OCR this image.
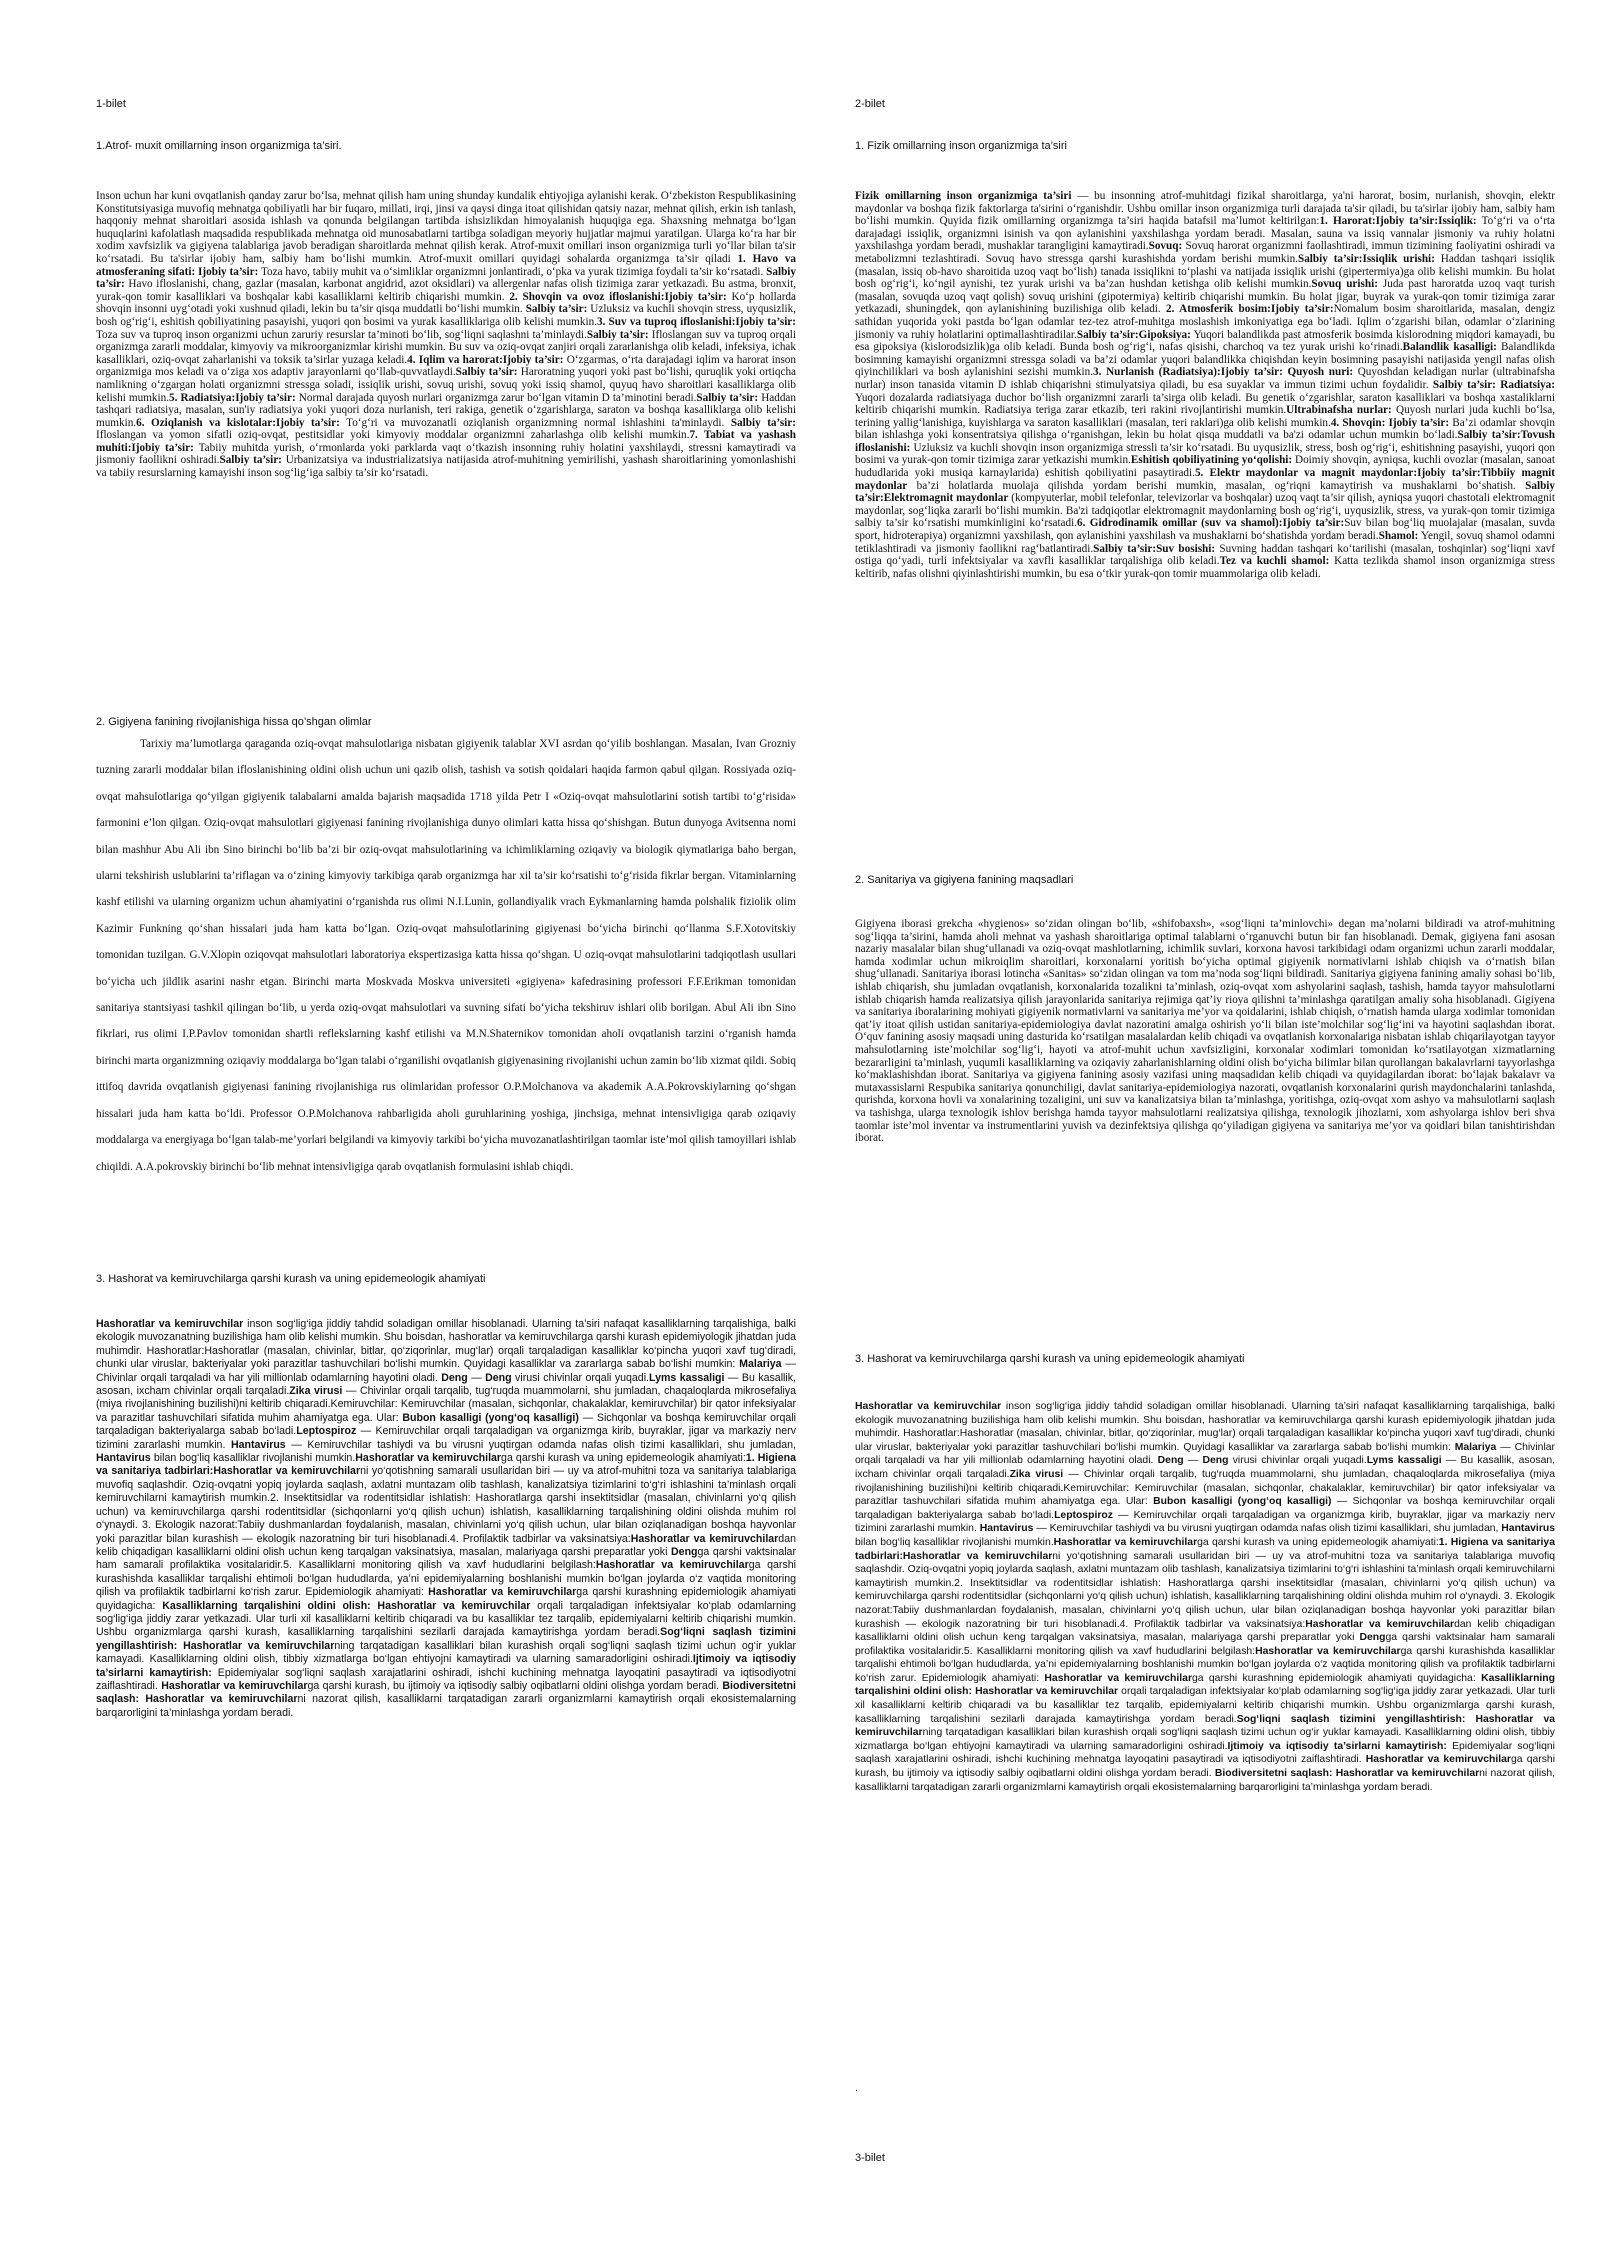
1-bilet
1.Atrof- muxit omillarning inson organizmiga ta’siri.

Inson uchun har kuni ovqatlanish qanday zarur bo‘lsa, mehnat qilish ham uning shunday kundalik ehtiyojiga aylanishi kerak. O‘zbekiston Respublikasining Konstitutsiyasiga muvofiq mehnatga qobiliyatli har bir fuqaro, millati, irqi, jinsi va qaysi dinga itoat qilishidan qatsiy nazar, mehnat qilish, erkin ish tanlash, haqqoniy mehnat sharoitlari asosida ishlash va qonunda belgilangan tartibda ishsizlikdan himoyalanish huquqiga ega. Shaxsning mehnatga bo‘lgan huquqlarini kafolatlash maqsadida respublikada mehnatga oid munosabatlarni tartibga soladigan meyoriy hujjatlar majmui yaratilgan. Ularga ko‘ra har bir xodim xavfsizlik va gigiyena talablariga javob beradigan sharoitlarda mehnat qilish kerak. Atrof-muxit omillari inson organizmiga turli yo‘llar bilan ta'sir ko‘rsatadi. Bu ta'sirlar ijobiy ham, salbiy ham bo‘lishi mumkin. Atrof-muxit omillari quyidagi sohalarda organizmga ta’sir qiladi 1. Havo va atmosferaning sifati: Ijobiy ta’sir: Toza havo, tabiiy muhit va o‘simliklar organizmni jonlantiradi, o‘pka va yurak tizimiga foydali ta’sir ko‘rsatadi. Salbiy ta’sir: Havo ifloslanishi, chang, gazlar (masalan, karbonat angidrid, azot oksidlari) va allergenlar nafas olish tizimiga zarar yetkazadi. Bu astma, bronxit, yurak-qon tomir kasalliklari va boshqalar kabi kasalliklarni keltirib chiqarishi mumkin. 2. Shovqin va ovoz ifloslanishi:Ijobiy ta’sir: Ko‘p hollarda shovqin insonni uyg‘otadi yoki xushnud qiladi, lekin bu ta’sir qisqa muddatli bo‘lishi mumkin. Salbiy ta’sir: Uzluksiz va kuchli shovqin stress, uyqusizlik, bosh og‘rig‘i, eshitish qobiliyatining pasayishi, yuqori qon bosimi va yurak kasalliklariga olib kelishi mumkin.3. Suv va tuproq ifloslanishi:Ijobiy ta’sir: Toza suv va tuproq inson organizmi uchun zaruriy resurslar ta’minoti bo‘lib, sog‘liqni saqlashni ta’minlaydi.Salbiy ta’sir: Ifloslangan suv va tuproq orqali organizmga zararli moddalar, kimyoviy va mikroorganizmlar kirishi mumkin. Bu suv va oziq-ovqat zanjiri orqali zararlanishga olib keladi, infeksiya, ichak kasalliklari, oziq-ovqat zaharlanishi va toksik ta’sirlar yuzaga keladi.4. Iqlim va harorat:Ijobiy ta’sir: O‘zgarmas, o‘rta darajadagi iqlim va harorat inson organizmiga mos keladi va o‘ziga xos adaptiv jarayonlarni qo‘llab-quvvatlaydi.Salbiy ta’sir: Haroratning yuqori yoki past bo‘lishi, quruqlik yoki ortiqcha namlikning o‘zgargan holati organizmni stressga soladi, issiqlik urishi, sovuq urishi, sovuq yoki issiq shamol, quyuq havo sharoitlari kasalliklarga olib kelishi mumkin.5. Radiatsiya:Ijobiy ta’sir: Normal darajada quyosh nurlari organizmga zarur bo‘lgan vitamin D ta’minotini beradi.Salbiy ta’sir: Haddan tashqari radiatsiya, masalan, sun'iy radiatsiya yoki yuqori doza nurlanish, teri rakiga, genetik o‘zgarishlarga, saraton va boshqa kasalliklarga olib kelishi mumkin.6. Oziqlanish va kislotalar:Ijobiy ta’sir: To‘g‘ri va muvozanatli oziqlanish organizmning normal ishlashini ta'minlaydi. Salbiy ta’sir: Ifloslangan va yomon sifatli oziq-ovqat, pestitsidlar yoki kimyoviy moddalar organizmni zaharlashga olib kelishi mumkin.7. Tabiat va yashash muhiti:Ijobiy ta’sir: Tabiiy muhitda yurish, o‘rmonlarda yoki parklarda vaqt o‘tkazish insonning ruhiy holatini yaxshilaydi, stressni kamaytiradi va jismoniy faollikni oshiradi.Salbiy ta’sir: Urbanizatsiya va industrializatsiya natijasida atrof-muhitning yemirilishi, yashash sharoitlarining yomonlashishi va tabiiy resurslarning kamayishi inson sog‘lig‘iga salbiy ta’sir ko‘rsatadi.

2. Gigiyena fanining rivojlanishiga hissa qo’shgan olimlar

Tarixiy ma’lumotlarga qaraganda oziq-ovqat mahsulotlariga nisbatan gigiyenik talablar XVI asrdan qo‘yilib boshlangan. Masalan, Ivan Grozniy tuzning zararli moddalar bilan ifloslanishining oldini olish uchun uni qazib olish, tashish va sotish qoidalari haqida farmon qabul qilgan. Rossiyada oziq-ovqat mahsulotlariga qo‘yilgan gigiyenik talabalarni amalda bajarish maqsadida 1718 yilda Petr I «Oziq-ovqat mahsulotlarini sotish tartibi to‘g‘risida» farmonini e’lon qilgan. Oziq-ovqat mahsulotlari gigiyenasi fanining rivojlanishiga dunyo olimlari katta hissa qo‘shishgan. Butun dunyoga Avitsenna nomi bilan mashhur Abu Ali ibn Sino birinchi bo‘lib ba’zi bir oziq-ovqat mahsulotlarining va ichimliklarning oziqaviy va biologik qiymatlariga baho bergan, ularni tekshirish uslublarini ta’riflagan va o‘zining kimyoviy tarkibiga qarab organizmga har xil ta’sir ko‘rsatishi to‘g‘risida fikrlar bergan. Vitaminlarning kashf etilishi va ularning organizm uchun ahamiyatini o‘rganishda rus olimi N.I.Lunin, gollandiyalik vrach Eykmanlarning hamda polshalik fiziolik olim Kazimir Funkning qo‘shan hissalari juda ham katta bo‘lgan. Oziq-ovqat mahsulotlarining gigiyenasi bo‘yicha birinchi qo‘llanma S.F.Xotovitskiy tomonidan tuzilgan. G.V.Xlopin oziqovqat mahsulotlari laboratoriya ekspertizasiga katta hissa qo‘shgan. U oziq-ovqat mahsulotlarini tadqiqotlash usullari bo‘yicha uch jildlik asarini nashr etgan. Birinchi marta Moskvada Moskva universiteti «gigiyena» kafedrasining professori F.F.Erikman tomonidan sanitariya stantsiyasi tashkil qilingan bo‘lib, u yerda oziq-ovqat mahsulotlari va suvning sifati bo‘yicha tekshiruv ishlari olib borilgan. Abul Ali ibn Sino fikrlari, rus olimi I.P.Pavlov tomonidan shartli reflekslarning kashf etilishi va M.N.Shaternikov tomonidan aholi ovqatlanish tarzini o‘rganish hamda birinchi marta organizmning oziqaviy moddalarga bo‘lgan talabi o‘rganilishi ovqatlanish gigiyenasining rivojlanishi uchun zamin bo‘lib xizmat qildi. Sobiq ittifoq davrida ovqatlanish gigiyenasi fanining rivojlanishiga rus olimlaridan professor O.P.Molchanova va akademik A.A.Pokrovskiylarning qo‘shgan hissalari juda ham katta bo‘ldi. Professor O.P.Molchanova rahbarligida aholi guruhlarining yoshiga, jinchsiga, mehnat intensivligiga qarab oziqaviy moddalarga va energiyaga bo‘lgan talab-me’yorlari belgilandi va kimyoviy tarkibi bo‘yicha muvozanatlashtirilgan taomlar iste’mol qilish tamoyillari ishlab chiqildi. A.A.pokrovskiy birinchi bo‘lib mehnat intensivligiga qarab ovqatlanish formulasini ishlab chiqdi.

3. Hashorat va kemiruvchilarga qarshi kurash va uning epidemeologik ahamiyati

Hashoratlar va kemiruvchilar inson sog‘lig‘iga jiddiy tahdid soladigan omillar hisoblanadi. Ularning ta’siri nafaqat kasalliklarning tarqalishiga, balki ekologik muvozanatning buzilishiga ham olib kelishi mumkin. Shu boisdan, hashoratlar va kemiruvchilarga qarshi kurash epidemiyologik jihatdan juda muhimdir. Hashoratlar:Hashoratlar (masalan, chivinlar, bitlar, qo‘ziqorinlar, mug‘lar) orqali tarqaladigan kasalliklar ko‘pincha yuqori xavf tug‘diradi, chunki ular viruslar, bakteriyalar yoki parazitlar tashuvchilari bo‘lishi mumkin. Quyidagi kasalliklar va zararlarga sabab bo‘lishi mumkin: Malariya — Chivinlar orqali tarqaladi va har yili millionlab odamlarning hayotini oladi. Deng — Deng virusi chivinlar orqali yuqadi.Lyms kassaligi — Bu kasallik, asosan, ixcham chivinlar orqali tarqaladi.Zika virusi — Chivinlar orqali tarqalib, tug‘ruqda muammolarni, shu jumladan, chaqaloqlarda mikrosefaliya (miya rivojlanishining buzilishi)ni keltirib chiqaradi.Kemiruvchilar: Kemiruvchilar (masalan, sichqonlar, chakalaklar, kemiruvchilar) bir qator infeksiyalar va parazitlar tashuvchilari sifatida muhim ahamiyatga ega. Ular: Bubon kasalligi (yong‘oq kasalligi) — Sichqonlar va boshqa kemiruvchilar orqali tarqaladigan bakteriyalarga sabab bo‘ladi.Leptospiroz — Kemiruvchilar orqali tarqaladigan va organizmga kirib, buyraklar, jigar va markaziy nerv tizimini zararlashi mumkin. Hantavirus — Kemiruvchilar tashiydi va bu virusni yuqtirgan odamda nafas olish tizimi kasalliklari, shu jumladan, Hantavirus bilan bog‘liq kasalliklar rivojlanishi mumkin.Hashoratlar va kemiruvchilarga qarshi kurash va uning epidemeologik ahamiyati:1. Higiena va sanitariya tadbirlari:Hashoratlar va kemiruvchilarni yo‘qotishning samarali usullaridan biri — uy va atrof-muhitni toza va sanitariya talablariga muvofiq saqlashdir. Oziq-ovqatni yopiq joylarda saqlash, axlatni muntazam olib tashlash, kanalizatsiya tizimlarini to‘g‘ri ishlashini ta’minlash orqali kemiruvchilarni kamaytirish mumkin.2. Insektitsidlar va rodentitsidlar ishlatish: Hashoratlarga qarshi insektitsidlar (masalan, chivinlarni yo‘q qilish uchun) va kemiruvchilarga qarshi rodentitsidlar (sichqonlarni yo‘q qilish uchun) ishlatish, kasalliklarning tarqalishining oldini olishda muhim rol o‘ynaydi. 3. Ekologik nazorat:Tabiiy dushmanlardan foydalanish, masalan, chivinlarni yo‘q qilish uchun, ular bilan oziqlanadigan boshqa hayvonlar yoki parazitlar bilan kurashish — ekologik nazoratning bir turi hisoblanadi.4. Profilaktik tadbirlar va vaksinatsiya:Hashoratlar va kemiruvchilardan kelib chiqadigan kasalliklarni oldini olish uchun keng tarqalgan vaksinatsiya, masalan, malariyaga qarshi preparatlar yoki Dengga qarshi vaktsinalar ham samarali profilaktika vositalaridir.5. Kasalliklarni monitoring qilish va xavf hududlarini belgilash:Hashoratlar va kemiruvchilarga qarshi kurashishda kasalliklar tarqalishi ehtimoli bo‘lgan hududlarda, ya’ni epidemiyalarning boshlanishi mumkin bo‘lgan joylarda o‘z vaqtida monitoring qilish va profilaktik tadbirlarni ko‘rish zarur. Epidemiologik ahamiyati: Hashoratlar va kemiruvchilarga qarshi kurashning epidemiologik ahamiyati quyidagicha: Kasalliklarning tarqalishini oldini olish: Hashoratlar va kemiruvchilar orqali tarqaladigan infektsiyalar ko‘plab odamlarning sog‘lig‘iga jiddiy zarar yetkazadi. Ular turli xil kasalliklarni keltirib chiqaradi va bu kasalliklar tez tarqalib, epidemiyalarni keltirib chiqarishi mumkin. Ushbu organizmlarga qarshi kurash, kasalliklarning tarqalishini sezilarli darajada kamaytirishga yordam beradi.Sog‘liqni saqlash tizimini yengillashtirish: Hashoratlar va kemiruvchilarning tarqatadigan kasalliklari bilan kurashish orqali sog‘liqni saqlash tizimi uchun og‘ir yuklar kamayadi. Kasalliklarning oldini olish, tibbiy xizmatlarga bo‘lgan ehtiyojni kamaytiradi va ularning samaradorligini oshiradi.Ijtimoiy va iqtisodiy ta’sirlarni kamaytirish: Epidemiyalar sog‘liqni saqlash xarajatlarini oshiradi, ishchi kuchining mehnatga layoqatini pasaytiradi va iqtisodiyotni zaiflashtiradi. Hashoratlar va kemiruvchilarga qarshi kurash, bu ijtimoiy va iqtisodiy salbiy oqibatlarni oldini olishga yordam beradi. Biodiversitetni saqlash: Hashoratlar va kemiruvchilarni nazorat qilish, kasalliklarni tarqatadigan zararli organizmlarni kamaytirish orqali ekosistemalarning barqarorligini ta’minlashga yordam beradi.

2-bilet
1. Fizik omillarning inson organizmiga ta’siri

Fizik omillarning inson organizmiga ta’siri — bu insonning atrof-muhitdagi fizikal sharoitlarga, ya'ni harorat, bosim, nurlanish, shovqin, elektr maydonlar va boshqa fizik faktorlarga ta'sirini o‘rganishdir. Ushbu omillar inson organizmiga turli darajada ta'sir qiladi, bu ta'sirlar ijobiy ham, salbiy ham bo‘lishi mumkin. Quyida fizik omillarning organizmga ta’siri haqida batafsil ma’lumot keltirilgan:1. Harorat:Ijobiy ta’sir:Issiqlik: To‘g‘ri va o‘rta darajadagi issiqlik, organizmni isinish va qon aylanishini yaxshilashga yordam beradi. Masalan, sauna va issiq vannalar jismoniy va ruhiy holatni yaxshilashga yordam beradi, mushaklar tarangligini kamaytiradi.Sovuq: Sovuq harorat organizmni faollashtiradi, immun tizimining faoliyatini oshiradi va metabolizmni tezlashtiradi. Sovuq havo stressga qarshi kurashishda yordam berishi mumkin.Salbiy ta’sir:Issiqlik urishi: Haddan tashqari issiqlik (masalan, issiq ob-havo sharoitida uzoq vaqt bo‘lish) tanada issiqlikni to‘plashi va natijada issiqlik urishi (gipertermiya)ga olib kelishi mumkin. Bu holat bosh og‘rig‘i, ko‘ngil aynishi, tez yurak urishi va ba’zan hushdan ketishga olib kelishi mumkin.Sovuq urishi: Juda past haroratda uzoq vaqt turish (masalan, sovuqda uzoq vaqt qolish) sovuq urishini (gipotermiya) keltirib chiqarishi mumkin. Bu holat jigar, buyrak va yurak-qon tomir tizimiga zarar yetkazadi, shuningdek, qon aylanishining buzilishiga olib keladi. 2. Atmosferik bosim:Ijobiy ta’sir:Nomalum bosim sharoitlarida, masalan, dengiz sathidan yuqorida yoki pastda bo‘lgan odamlar tez-tez atrof-muhitga moslashish imkoniyatiga ega bo‘ladi. Iqlim o‘zgarishi bilan, odamlar o‘zlarining jismoniy va ruhiy holatlarini optimallashtiradilar.Salbiy ta’sir:Gipoksiya: Yuqori balandlikda past atmosferik bosimda kislorodning miqdori kamayadi, bu esa gipoksiya (kislorodsizlik)ga olib keladi. Bunda bosh og‘rig‘i, nafas qisishi, charchoq va tez yurak urishi ko‘rinadi.Balandlik kasalligi: Balandlikda bosimning kamayishi organizmni stressga soladi va ba’zi odamlar yuqori balandlikka chiqishdan keyin bosimning pasayishi natijasida yengil nafas olish qiyinchiliklari va bosh aylanishini sezishi mumkin.3. Nurlanish (Radiatsiya):Ijobiy ta’sir: Quyosh nuri: Quyoshdan keladigan nurlar (ultrabinafsha nurlar) inson tanasida vitamin D ishlab chiqarishni stimulyatsiya qiladi, bu esa suyaklar va immun tizimi uchun foydalidir. Salbiy ta’sir: Radiatsiya: Yuqori dozalarda radiatsiyaga duchor bo‘lish organizmni zararli ta’sirga olib keladi. Bu genetik o‘zgarishlar, saraton kasalliklari va boshqa xastaliklarni keltirib chiqarishi mumkin. Radiatsiya teriga zarar etkazib, teri rakini rivojlantirishi mumkin.Ultrabinafsha nurlar: Quyosh nurlari juda kuchli bo‘lsa, terining yallig‘lanishiga, kuyishlarga va saraton kasalliklari (masalan, teri raklari)ga olib kelishi mumkin.4. Shovqin: Ijobiy ta’sir: Ba’zi odamlar shovqin bilan ishlashga yoki konsentratsiya qilishga o‘rganishgan, lekin bu holat qisqa muddatli va ba'zi odamlar uchun mumkin bo‘ladi.Salbiy ta’sir:Tovush ifloslanishi: Uzluksiz va kuchli shovqin inson organizmiga stressli ta’sir ko‘rsatadi. Bu uyqusizlik, stress, bosh og‘rig‘i, eshitishning pasayishi, yuqori qon bosimi va yurak-qon tomir tizimiga zarar yetkazishi mumkin.Eshitish qobiliyatining yo‘qolishi: Doimiy shovqin, ayniqsa, kuchli ovozlar (masalan, sanoat hududlarida yoki musiqa karnaylarida) eshitish qobiliyatini pasaytiradi.5. Elektr maydonlar va magnit maydonlar:Ijobiy ta’sir:Tibbiiy magnit maydonlar ba’zi holatlarda muolaja qilishda yordam berishi mumkin, masalan, og‘riqni kamaytirish va mushaklarni bo‘shatish. Salbiy ta’sir:Elektromagnit maydonlar (kompyuterlar, mobil telefonlar, televizorlar va boshqalar) uzoq vaqt ta’sir qilish, ayniqsa yuqori chastotali elektromagnit maydonlar, sog‘liqka zararli bo‘lishi mumkin. Ba'zi tadqiqotlar elektromagnit maydonlarning bosh og‘rig‘i, uyqusizlik, stress, va yurak-qon tomir tizimiga salbiy ta’sir ko‘rsatishi mumkinligini ko‘rsatadi.6. Gidrodinamik omillar (suv va shamol):Ijobiy ta’sir:Suv bilan bog‘liq muolajalar (masalan, suvda sport, hidroterapiya) organizmni yaxshilash, qon aylanishini yaxshilash va mushaklarni bo‘shatishda yordam beradi.Shamol: Yengil, sovuq shamol odamni tetiklashtiradi va jismoniy faollikni rag‘batlantiradi.Salbiy ta’sir:Suv bosishi: Suvning haddan tashqari ko‘tarilishi (masalan, toshqinlar) sog‘liqni xavf ostiga qo‘yadi, turli infektsiyalar va xavfli kasalliklar tarqalishiga olib keladi.Tez va kuchli shamol: Katta tezlikda shamol inson organizmiga stress keltirib, nafas olishni qiyinlashtirishi mumkin, bu esa o‘tkir yurak-qon tomir muammolariga olib keladi.

2. Sanitariya va gigiyena fanining maqsadlari

Gigiyena iborasi grekcha «hygienos» so‘zidan olingan bo‘lib, «shifobaxsh», «sog‘liqni ta’minlovchi» degan ma’nolarni bildiradi va atrof-muhitning sog‘liqqa ta’sirini, hamda aholi mehnat va yashash sharoitlariga optimal talablarni o‘rganuvchi butun bir fan hisoblanadi. Demak, gigiyena fani asosan nazariy masalalar bilan shug‘ullanadi va oziq-ovqat mashlotlarning, ichimlik suvlari, korxona havosi tarkibidagi odam organizmi uchun zararli moddalar, hamda xodimlar uchun mikroiqlim sharoitlari, korxonalarni yoritish bo‘yicha optimal gigiyenik normativlarni ishlab chiqish va o‘rnatish bilan shug‘ullanadi. Sanitariya iborasi lotincha «Sanitas» so‘zidan olingan va tom ma’noda sog‘liqni bildiradi. Sanitariya gigiyena fanining amaliy sohasi bo‘lib, ishlab chiqarish, shu jumladan ovqatlanish, korxonalarida tozalikni ta’minlash, oziq-ovqat xom ashyolarini saqlash, tashish, hamda tayyor mahsulotlarni ishlab chiqarish hamda realizatsiya qilish jarayonlarida sanitariya rejimiga qat’iy rioya qilishni ta’minlashga qaratilgan amaliy soha hisoblanadi. Gigiyena va sanitariya iboralarining mohiyati gigiyenik normativlarni va sanitariya me’yor va qoidalarini, ishlab chiqish, o‘rnatish hamda ularga xodimlar tomonidan qat’iy itoat qilish ustidan sanitariya-epidemiologiya davlat nazoratini amalga oshirish yo‘li bilan iste’molchilar sog‘lig‘ini va hayotini saqlashdan iborat. O‘quv fanining asosiy maqsadi uning dasturida ko‘rsatilgan masalalardan kelib chiqadi va ovqatlanish korxonalariga nisbatan ishlab chiqarilayotgan tayyor mahsulotlarning iste’molchilar sog‘lig‘i, hayoti va atrof-muhit uchun xavfsizligini, korxonalar xodimlari tomonidan ko‘rsatilayotgan xizmatlarning bezararligini ta’minlash, yuqumli kasalliklarning va oziqaviy zaharlanishlarning oldini olish bo‘yicha bilimlar bilan qurollangan bakalavrlarni tayyorlashga ko‘maklashishdan iborat. Sanitariya va gigiyena fanining asosiy vazifasi uning maqsadidan kelib chiqadi va quyidagilardan iborat: bo‘lajak bakalavr va mutaxassislarni Respubika sanitariya qonunchiligi, davlat sanitariya-epidemiologiya nazorati, ovqatlanish korxonalarini qurish maydonchalarini tanlashda, qurishda, korxona hovli va xonalarining tozaligini, uni suv va kanalizatsiya bilan ta’minlashga, yoritishga, oziq-ovqat xom ashyo va mahsulotlarni saqlash va tashishga, ularga texnologik ishlov berishga hamda tayyor mahsulotlarni realizatsiya qilishga, texnologik jihozlarni, xom ashyolarga ishlov beri shva taomlar iste’mol inventar va instrumentlarini yuvish va dezinfektsiya qilishga qo‘yiladigan gigiyena va sanitariya me’yor va qoidlari bilan tanishtirishdan iborat.

3. Hashorat va kemiruvchilarga qarshi kurash va uning epidemeologik ahamiyati

Hashoratlar va kemiruvchilar inson sog‘lig‘iga jiddiy tahdid soladigan omillar hisoblanadi. Ularning ta’siri nafaqat kasalliklarning tarqalishiga, balki ekologik muvozanatning buzilishiga ham olib kelishi mumkin. Shu boisdan, hashoratlar va kemiruvchilarga qarshi kurash epidemiyologik jihatdan juda muhimdir. Hashoratlar:Hashoratlar (masalan, chivinlar, bitlar, qo‘ziqorinlar, mug‘lar) orqali tarqaladigan kasalliklar ko‘pincha yuqori xavf tug‘diradi, chunki ular viruslar, bakteriyalar yoki parazitlar tashuvchilari bo‘lishi mumkin. Quyidagi kasalliklar va zararlarga sabab bo‘lishi mumkin: Malariya — Chivinlar orqali tarqaladi va har yili millionlab odamlarning hayotini oladi. Deng — Deng virusi chivinlar orqali yuqadi.Lyms kassaligi — Bu kasallik, asosan, ixcham chivinlar orqali tarqaladi.Zika virusi — Chivinlar orqali tarqalib, tug‘ruqda muammolarni, shu jumladan, chaqaloqlarda mikrosefaliya (miya rivojlanishining buzilishi)ni keltirib chiqaradi.Kemiruvchilar: Kemiruvchilar (masalan, sichqonlar, chakalaklar, kemiruvchilar) bir qator infeksiyalar va parazitlar tashuvchilari sifatida muhim ahamiyatga ega. Ular: Bubon kasalligi (yong‘oq kasalligi) — Sichqonlar va boshqa kemiruvchilar orqali tarqaladigan bakteriyalarga sabab bo‘ladi.Leptospiroz — Kemiruvchilar orqali tarqaladigan va organizmga kirib, buyraklar, jigar va markaziy nerv tizimini zararlashi mumkin. Hantavirus — Kemiruvchilar tashiydi va bu virusni yuqtirgan odamda nafas olish tizimi kasalliklari, shu jumladan, Hantavirus bilan bog‘liq kasalliklar rivojlanishi mumkin.Hashoratlar va kemiruvchilarga qarshi kurash va uning epidemeologik ahamiyati:1. Higiena va sanitariya tadbirlari:Hashoratlar va kemiruvchilarni yo‘qotishning samarali usullaridan biri — uy va atrof-muhitni toza va sanitariya talablariga muvofiq saqlashdir. Oziq-ovqatni yopiq joylarda saqlash, axlatni muntazam olib tashlash, kanalizatsiya tizimlarini to‘g‘ri ishlashini ta’minlash orqali kemiruvchilarni kamaytirish mumkin.2. Insektitsidlar va rodentitsidlar ishlatish: Hashoratlarga qarshi insektitsidlar (masalan, chivinlarni yo‘q qilish uchun) va kemiruvchilarga qarshi rodentitsidlar (sichqonlarni yo‘q qilish uchun) ishlatish, kasalliklarning tarqalishining oldini olishda muhim rol o‘ynaydi. 3. Ekologik nazorat:Tabiiy dushmanlardan foydalanish, masalan, chivinlarni yo‘q qilish uchun, ular bilan oziqlanadigan boshqa hayvonlar yoki parazitlar bilan kurashish — ekologik nazoratning bir turi hisoblanadi.4. Profilaktik tadbirlar va vaksinatsiya:Hashoratlar va kemiruvchilardan kelib chiqadigan kasalliklarni oldini olish uchun keng tarqalgan vaksinatsiya, masalan, malariyaga qarshi preparatlar yoki Dengga qarshi vaktsinalar ham samarali profilaktika vositalaridir.5. Kasalliklarni monitoring qilish va xavf hududlarini belgilash:Hashoratlar va kemiruvchilarga qarshi kurashishda kasalliklar tarqalishi ehtimoli bo‘lgan hududlarda, ya’ni epidemiyalarning boshlanishi mumkin bo‘lgan joylarda o‘z vaqtida monitoring qilish va profilaktik tadbirlarni ko‘rish zarur. Epidemiologik ahamiyati: Hashoratlar va kemiruvchilarga qarshi kurashning epidemiologik ahamiyati quyidagicha: Kasalliklarning tarqalishini oldini olish: Hashoratlar va kemiruvchilar orqali tarqaladigan infektsiyalar ko‘plab odamlarning sog‘lig‘iga jiddiy zarar yetkazadi. Ular turli xil kasalliklarni keltirib chiqaradi va bu kasalliklar tez tarqalib, epidemiyalarni keltirib chiqarishi mumkin. Ushbu organizmlarga qarshi kurash, kasalliklarning tarqalishini sezilarli darajada kamaytirishga yordam beradi.Sog‘liqni saqlash tizimini yengillashtirish: Hashoratlar va kemiruvchilarning tarqatadigan kasalliklari bilan kurashish orqali sog‘liqni saqlash tizimi uchun og‘ir yuklar kamayadi. Kasalliklarning oldini olish, tibbiy xizmatlarga bo‘lgan ehtiyojni kamaytiradi va ularning samaradorligini oshiradi.Ijtimoiy va iqtisodiy ta’sirlarni kamaytirish: Epidemiyalar sog‘liqni saqlash xarajatlarini oshiradi, ishchi kuchining mehnatga layoqatini pasaytiradi va iqtisodiyotni zaiflashtiradi. Hashoratlar va kemiruvchilarga qarshi kurash, bu ijtimoiy va iqtisodiy salbiy oqibatlarni oldini olishga yordam beradi. Biodiversitetni saqlash: Hashoratlar va kemiruvchilarni nazorat qilish, kasalliklarni tarqatadigan zararli organizmlarni kamaytirish orqali ekosistemalarning barqarorligini ta’minlashga yordam beradi.

.
3-bilet
